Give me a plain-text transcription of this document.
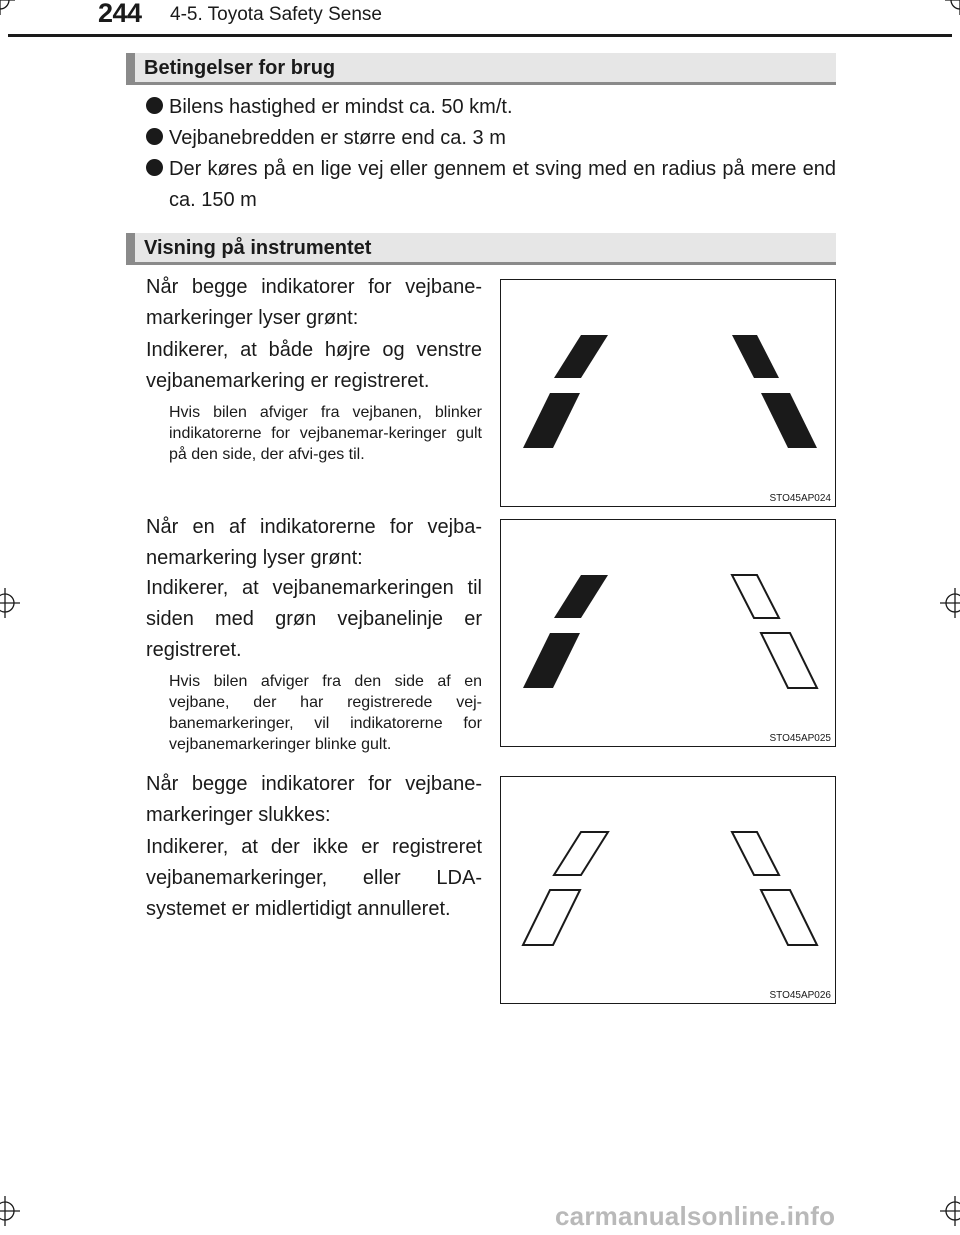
244 4-5. Toyota Safety Sense
Betingelser for brug
Bilens hastighed er mindst ca. 50 km/t.
Vejbanebredden er større end ca. 3 m
Der køres på en lige vej eller gennem et sving med en radius på mere end ca. 150 m
Visning på instrumentet
Når begge indikatorer for vejbane-markeringer lyser grønt:
Indikerer, at både højre og venstre vejbanemarkering er registreret.
Hvis bilen afviger fra vejbanen, blinker indikatorerne for vejbanemar-keringer gult på den side, der afvi-ges til.
STO45AP024
Når en af indikatorerne for vejba-nemarkering lyser grønt:
Indikerer, at vejbanemarkeringen til siden med grøn vejbanelinje er registreret.
Hvis bilen afviger fra den side af en vejbane, der har registrerede vej-banemarkeringer, vil indikatorerne for vejbanemarkeringer blinke gult.	STO45AP025
Når begge indikatorer for vejbane-markeringer slukkes:
Indikerer, at der ikke er registreret vejbanemarkeringer, eller LDA-systemet er midlertidigt annulleret.
STO45AP026
carmanualsonline.info
